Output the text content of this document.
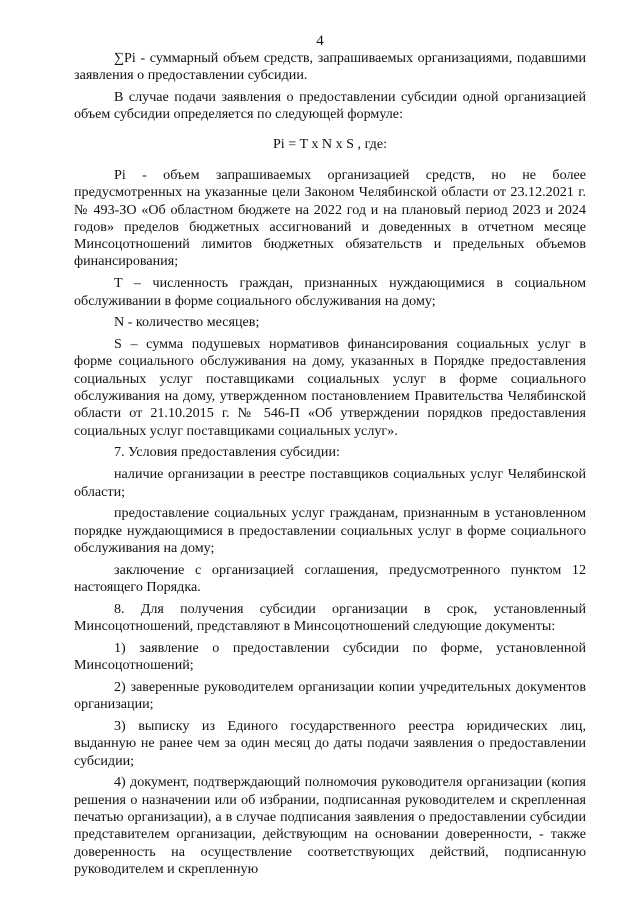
4

∑Pi - суммарный объем средств, запрашиваемых организациями, подавшими заявления о предоставлении субсидии.

В случае подачи заявления о предоставлении субсидии одной организацией объем субсидии определяется по следующей формуле:

Pi = T x N x S , где:

Pi - объем запрашиваемых организацией средств, но не более предусмотренных на указанные цели Законом Челябинской области от 23.12.2021 г. № 493-ЗО «Об областном бюджете на 2022 год и на плановый период 2023 и 2024 годов» пределов бюджетных ассигнований и доведенных в отчетном месяце Минсоцотношений лимитов бюджетных обязательств и предельных объемов финансирования;

T – численность граждан, признанных нуждающимися в социальном обслуживании в форме социального обслуживания на дому;

N - количество месяцев;

S – сумма подушевых нормативов финансирования социальных услуг в форме социального обслуживания на дому, указанных в Порядке предоставления социальных услуг поставщиками социальных услуг в форме социального обслуживания на дому, утвержденном постановлением Правительства Челябинской области от 21.10.2015 г. № 546-П «Об утверждении порядков предоставления социальных услуг поставщиками социальных услуг».

7. Условия предоставления субсидии:

наличие организации в реестре поставщиков социальных услуг Челябинской области;

предоставление социальных услуг гражданам, признанным в установленном порядке нуждающимися в предоставлении социальных услуг в форме социального обслуживания на дому;

заключение с организацией соглашения, предусмотренного пунктом 12 настоящего Порядка.

8. Для получения субсидии организации в срок, установленный Минсоцотношений, представляют в Минсоцотношений следующие документы:

1) заявление о предоставлении субсидии по форме, установленной Минсоцотношений;

2) заверенные руководителем организации копии учредительных документов организации;

3) выписку из Единого государственного реестра юридических лиц, выданную не ранее чем за один месяц до даты подачи заявления о предоставлении субсидии;

4) документ, подтверждающий полномочия руководителя организации (копия решения о назначении или об избрании, подписанная руководителем и скрепленная печатью организации), а в случае подписания заявления о предоставлении субсидии представителем организации, действующим на основании доверенности, - также доверенность на осуществление соответствующих действий, подписанную руководителем и скрепленную
